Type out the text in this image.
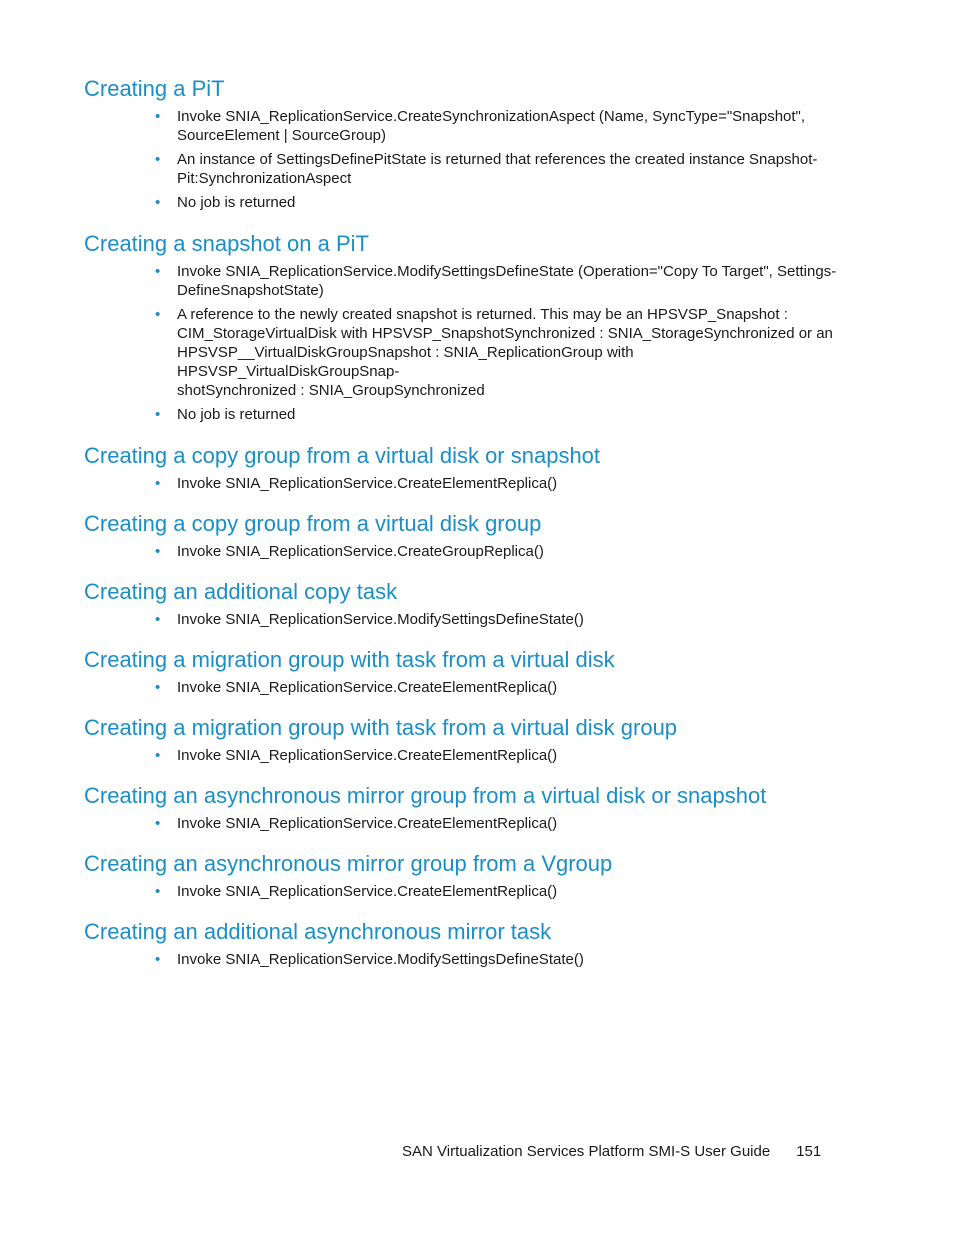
Creating a PiT
• Invoke SNIA_ReplicationService.CreateSynchronizationAspect (Name, SyncType="Snapshot",
SourceElement | SourceGroup)
• An instance of SettingsDefinePitState is returned that references the created instance Snapshot-
Pit:SynchronizationAspect
• No job is returned
Creating a snapshot on a PiT
• Invoke SNIA_ReplicationService.ModifySettingsDefineState (Operation="Copy To Target", Settings-
DefineSnapshotState)
• A reference to the newly created snapshot is returned. This may be an HPSVSP_Snapshot :
CIM_StorageVirtualDisk with HPSVSP_SnapshotSynchronized : SNIA_StorageSynchronized or an
HPSVSP__VirtualDiskGroupSnapshot : SNIA_ReplicationGroup with HPSVSP_VirtualDiskGroupSnap-
shotSynchronized : SNIA_GroupSynchronized
• No job is returned
Creating a copy group from a virtual disk or snapshot
• Invoke SNIA_ReplicationService.CreateElementReplica()
Creating a copy group from a virtual disk group
• Invoke SNIA_ReplicationService.CreateGroupReplica()
Creating an additional copy task
• Invoke SNIA_ReplicationService.ModifySettingsDefineState()
Creating a migration group with task from a virtual disk
• Invoke SNIA_ReplicationService.CreateElementReplica()
Creating a migration group with task from a virtual disk group
• Invoke SNIA_ReplicationService.CreateElementReplica()
Creating an asynchronous mirror group from a virtual disk or snapshot
• Invoke SNIA_ReplicationService.CreateElementReplica()
Creating an asynchronous mirror group from a Vgroup
• Invoke SNIA_ReplicationService.CreateElementReplica()
Creating an additional asynchronous mirror task
• Invoke SNIA_ReplicationService.ModifySettingsDefineState()
SAN Virtualization Services Platform SMI-S User Guide 151
